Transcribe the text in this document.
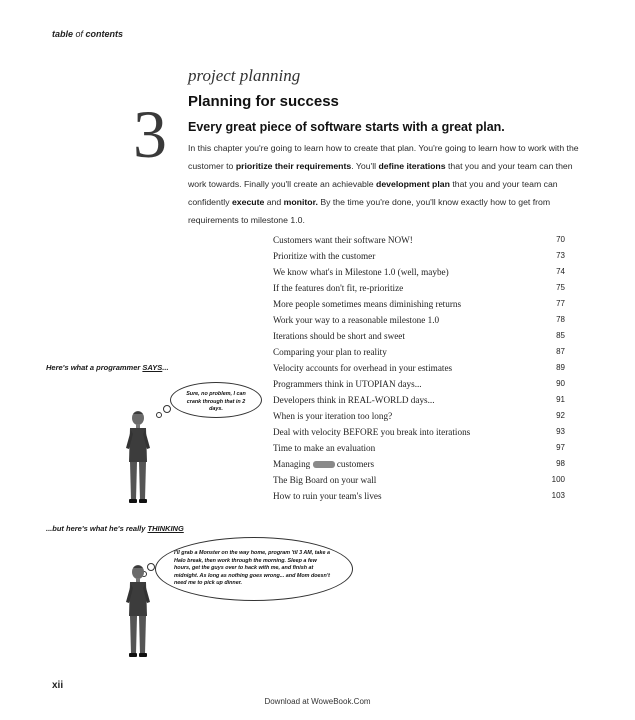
table of contents
3
project planning
Planning for success
Every great piece of software starts with a great plan.
In this chapter you're going to learn how to create that plan. You're going to learn how to work with the customer to prioritize their requirements. You'll define iterations that you and your team can then work towards. Finally you'll create an achievable development plan that you and your team can confidently execute and monitor. By the time you're done, you'll know exactly how to get from requirements to milestone 1.0.
Customers want their software NOW!	70
Prioritize with the customer	73
We know what's in Milestone 1.0 (well, maybe)	74
If the features don't fit, re-prioritize	75
More people sometimes means diminishing returns	77
Work your way to a reasonable milestone 1.0	78
Iterations should be short and sweet	85
Comparing your plan to reality	87
Velocity accounts for overhead in your estimates	89
Programmers think in UTOPIAN days...	90
Developers think in REAL-WORLD days...	91
When is your iteration too long?	92
Deal with velocity BEFORE you break into iterations	93
Time to make an evaluation	97
Managing  customers	98
The Big Board on your wall	100
How to ruin your team's lives	103
Here's what a programmer SAYS...
Sure, no problem, I can crank through that in 2 days.
...but here's what he's really THINKING
I'll grab a Monster on the way home, program 'til 3 AM, take a Halo break, then work through the morning. Sleep a few hours, get the guys over to hack with me, and finish at midnight. As long as nothing goes wrong... and Mom doesn't need me to pick up dinner.
xii
Download at WoweBook.Com
